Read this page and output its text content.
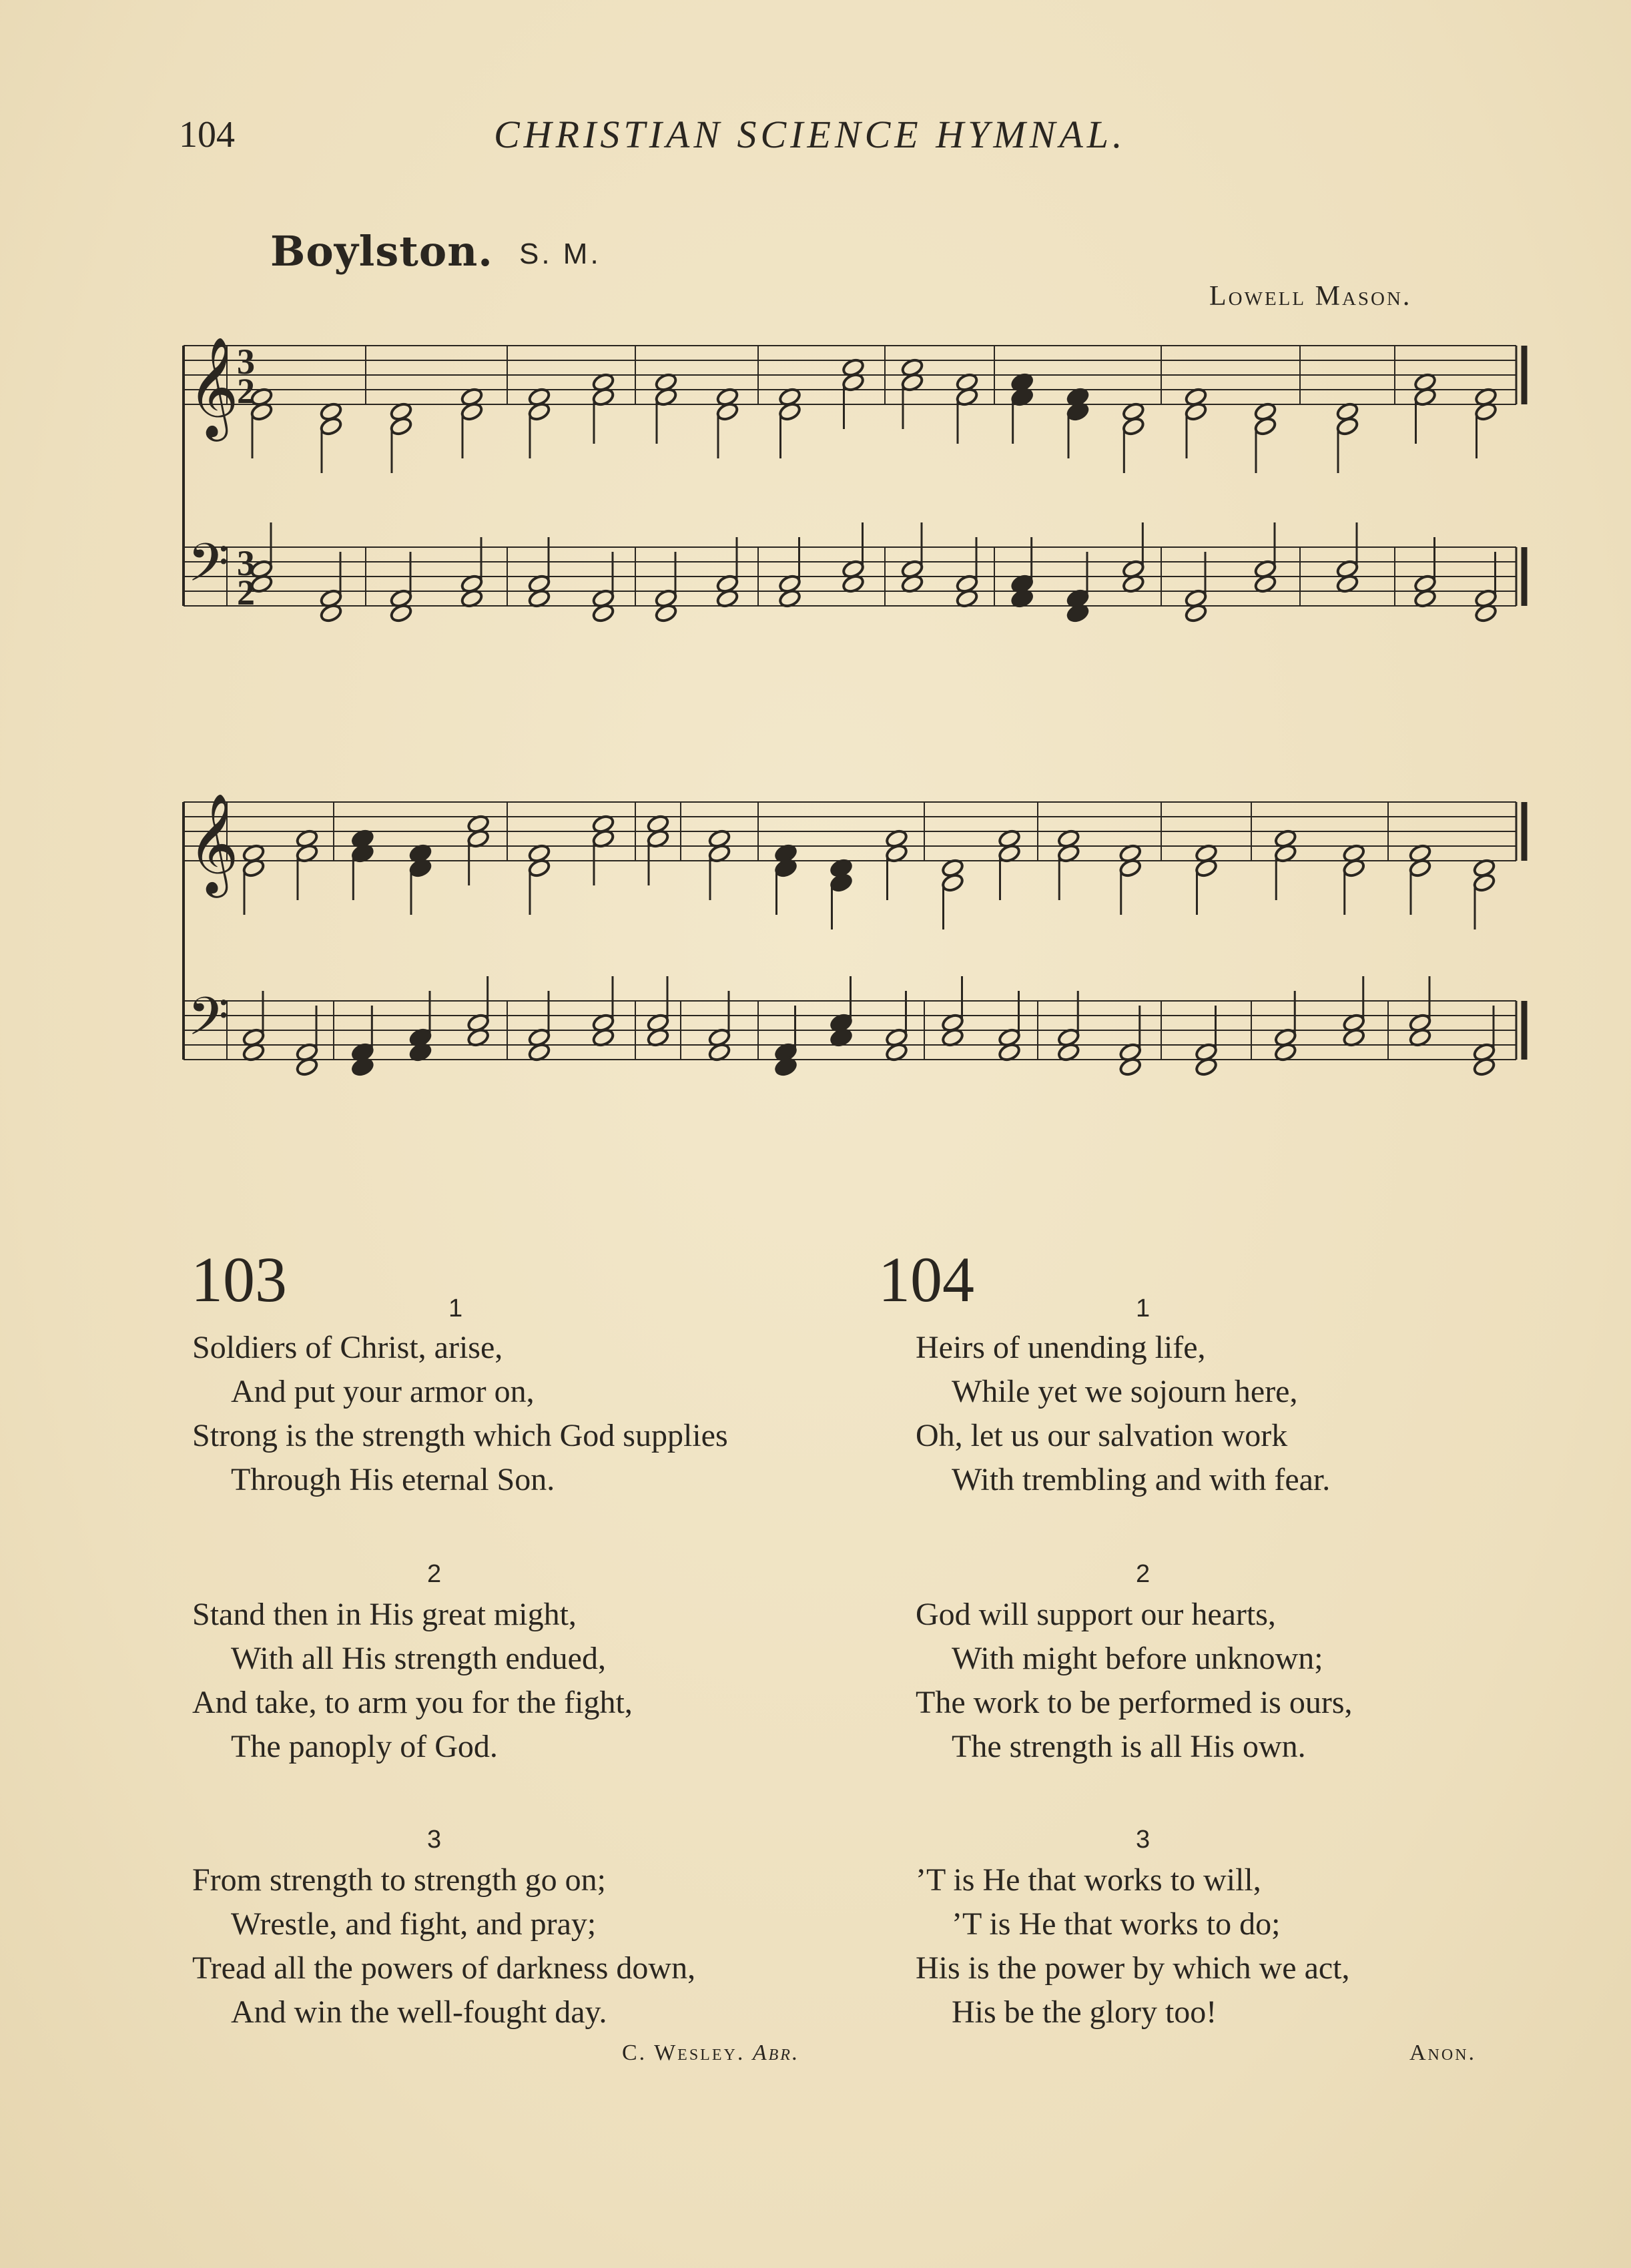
104	CHRISTIAN SCIENCE HYMNAL.
Boylston. S. M.
Lowell Mason.
𝄞
3
2
𝄢 3
2
𝄞
𝄢
103	1
Soldiers of Christ, arise,
And put your armor on,
Strong is the strength which God supplies
Through His eternal Son.
2
Stand then in His great might,
With all His strength endued,
And take, to arm you for the fight,
The panoply of God.
3
From strength to strength go on;
Wrestle, and fight, and pray;
Tread all the powers of darkness down,
And win the well-fought day.
C. Wesley. Abr.
104	1
Heirs of unending life,
While yet we sojourn here,
Oh, let us our salvation work
With trembling and with fear.
2
God will support our hearts,
With might before unknown;
The work to be performed is ours,
The strength is all His own.
3
’T is He that works to will,
’T is He that works to do;
His is the power by which we act,
His be the glory too!
Anon.
